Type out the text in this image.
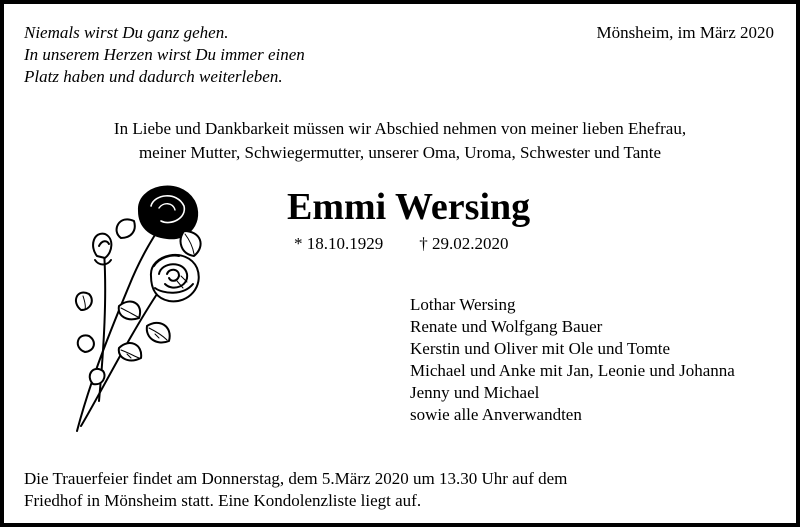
Niemals wirst Du ganz gehen.
In unserem Herzen wirst Du immer einen
Platz haben und dadurch weiterleben.
Mönsheim, im März 2020
In Liebe und Dankbarkeit müssen wir Abschied nehmen von meiner lieben Ehefrau,
meiner Mutter, Schwiegermutter, unserer Oma, Uroma, Schwester und Tante
Emmi Wersing
* 18.10.1929 † 29.02.2020
Lothar Wersing
Renate und Wolfgang Bauer
Kerstin und Oliver mit Ole und Tomte
Michael und Anke mit Jan, Leonie und Johanna
Jenny und Michael
sowie alle Anverwandten
Die Trauerfeier findet am Donnerstag, dem 5.März 2020 um 13.30 Uhr auf dem
Friedhof in Mönsheim statt. Eine Kondolenzliste liegt auf.
